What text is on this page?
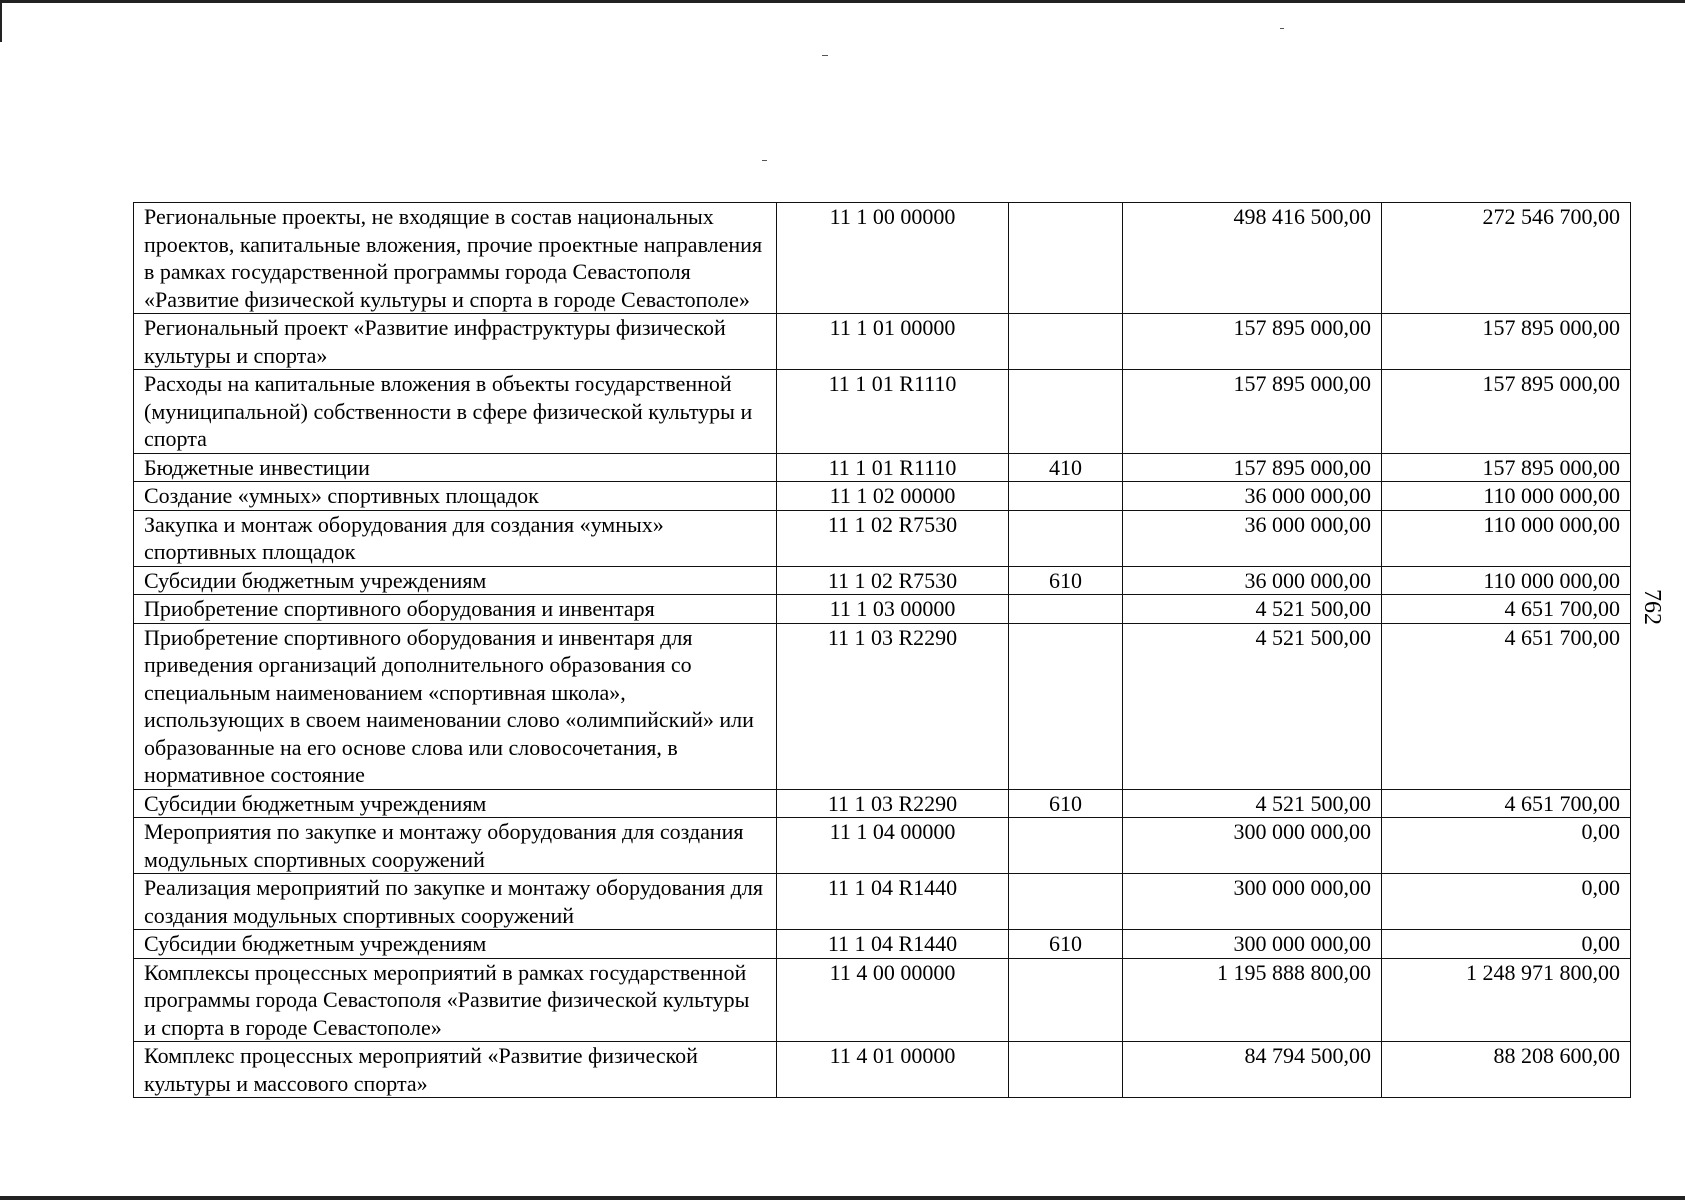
Региональные проекты, не входящие в состав национальных проектов, капитальные вложения, прочие проектные направления в рамках государственной программы города Севастополя «Развитие физической культуры и спорта в городе Севастополе»	11 1 00 00000		498 416 500,00	272 546 700,00
Региональный проект «Развитие инфраструктуры физической культуры и спорта»	11 1 01 00000		157 895 000,00	157 895 000,00
Расходы на капитальные вложения в объекты государственной (муниципальной) собственности в сфере физической культуры и спорта	11 1 01 R1110		157 895 000,00	157 895 000,00
Бюджетные инвестиции	11 1 01 R1110	410	157 895 000,00	157 895 000,00
Создание «умных» спортивных площадок	11 1 02 00000		36 000 000,00	110 000 000,00
Закупка и монтаж оборудования для создания «умных» спортивных площадок	11 1 02 R7530		36 000 000,00	110 000 000,00
Субсидии бюджетным учреждениям	11 1 02 R7530	610	36 000 000,00	110 000 000,00
Приобретение спортивного оборудования и инвентаря	11 1 03 00000		4 521 500,00	4 651 700,00
Приобретение спортивного оборудования и инвентаря для приведения организаций дополнительного образования со специальным наименованием «спортивная школа», использующих в своем наименовании слово «олимпийский» или образованные на его основе слова или словосочетания, в нормативное состояние	11 1 03 R2290		4 521 500,00	4 651 700,00
Субсидии бюджетным учреждениям	11 1 03 R2290	610	4 521 500,00	4 651 700,00
Мероприятия по закупке и монтажу оборудования для создания модульных спортивных сооружений	11 1 04 00000		300 000 000,00	0,00
Реализация мероприятий по закупке и монтажу оборудования для создания модульных спортивных сооружений	11 1 04 R1440		300 000 000,00	0,00
Субсидии бюджетным учреждениям	11 1 04 R1440	610	300 000 000,00	0,00
Комплексы процессных мероприятий в рамках государственной программы города Севастополя «Развитие физической культуры и спорта в городе Севастополе»	11 4 00 00000		1 195 888 800,00	1 248 971 800,00
Комплекс процессных мероприятий «Развитие физической культуры и массового спорта»	11 4 01 00000		84 794 500,00	88 208 600,00
762
